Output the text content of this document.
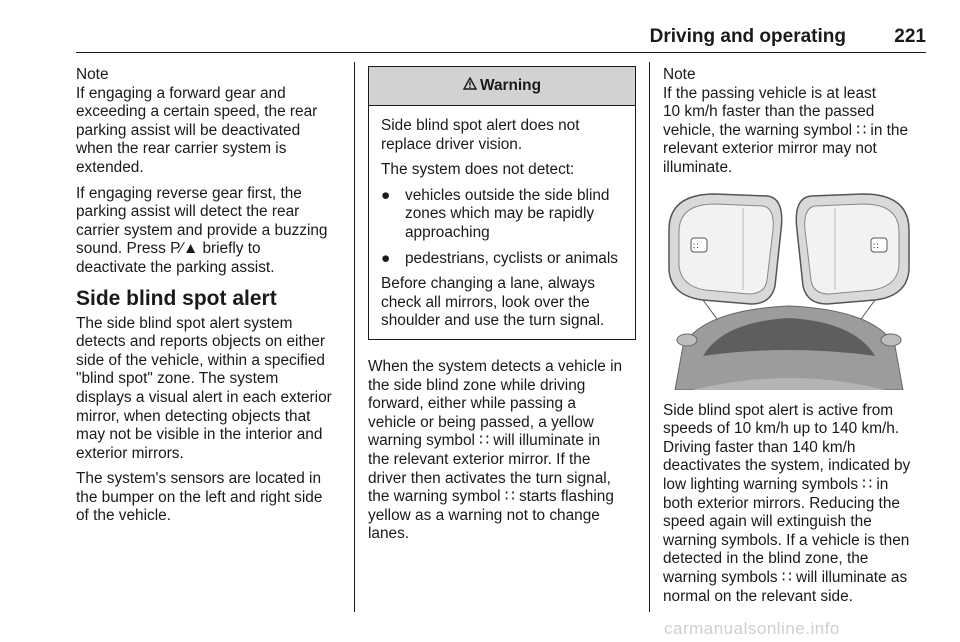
Driving and operating	221

Note

If engaging a forward gear and
exceeding a certain speed, the rear
parking assist will be deactivated
when the rear carrier system is
extended.

If engaging reverse gear first, the
parking assist will detect the rear
carrier system and provide a buzzing
sound. Press P⁄▲ briefly to
deactivate the parking assist.

Side blind spot alert

The side blind spot alert system
detects and reports objects on either
side of the vehicle, within a specified
"blind spot" zone. The system
displays a visual alert in each exterior
mirror, when detecting objects that
may not be visible in the interior and
exterior mirrors.

The system's sensors are located in
the bumper on the left and right side
of the vehicle.

Warning

Side blind spot alert does not
replace driver vision.

The system does not detect:

● vehicles outside the side blind
zones which may be rapidly
approaching
● pedestrians, cyclists or animals

Before changing a lane, always
check all mirrors, look over the
shoulder and use the turn signal.

When the system detects a vehicle in
the side blind zone while driving
forward, either while passing a
vehicle or being passed, a yellow
warning symbol ∷ will illuminate in
the relevant exterior mirror. If the
driver then activates the turn signal,
the warning symbol ∷ starts flashing
yellow as a warning not to change
lanes.

Note

If the passing vehicle is at least
10 km/h faster than the passed
vehicle, the warning symbol ∷ in the
relevant exterior mirror may not
illuminate.

∷	∷

Side blind spot alert is active from
speeds of 10 km/h up to 140 km/h.
Driving faster than 140 km/h
deactivates the system, indicated by
low lighting warning symbols ∷ in
both exterior mirrors. Reducing the
speed again will extinguish the
warning symbols. If a vehicle is then
detected in the blind zone, the
warning symbols ∷ will illuminate as
normal on the relevant side.

carmanualsonline.info
